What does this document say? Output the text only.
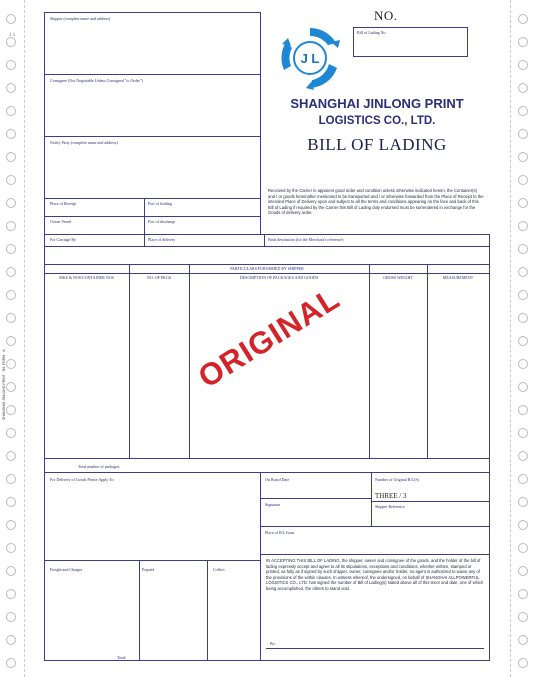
1 1
SHANGHAI JINLONG PRINT · B/L FORM · A
NO.
Shipper (complete name and address)
Consignee (Not Negotiable Unless Consigned "to Order")
Notify Party (complete name and address)
Place of Receipt	Port of loading
Ocean Vessel	Port of discharge
For Carriage By	Place of delivery	Final destination (for the Merchant's reference)
PARTICULARS FURNISHED BY SHIPPER
MKS & NOS/CONTAINER NOS	NO. OF PKGS	DESCRIPTION OF PACKAGES AND GOODS	GROSS WEIGHT	MEASUREMENT
Total number of packages
For Delivery of Goods Please Apply To:	On Board Date	Number of Original B/L(S)
Signature	Shipper Reference
Place of B/L Issue
Freight and Charges	Prepaid	Collect
Total:
By:
IN ACCEPTING THIS BILL OF LADING, the shipper, owner and consignee of the goods, and the holder of the bill of lading expressly accept and agree to all its stipulations, exceptions and conditions, whether written, stamped or printed, as fully as if signed by such shipper, owner, consignee and/or holder, no agent is authorized to waive any of the provisions of the within clauses. In witness whereof, the undersigned, on behalf of SHANGHAI ALLPOWERFUL LOGISTICS CO., LTD. has signed the number of Bill of Lading(s) stated above all of this tenor and date, one of which being accomplished, the others to stand void.
Received by the Carrier in apparent good order and condition unless otherwise indicated herein, the Container(s) and / or goods hereinafter mentioned to be transported and / or otherwise forwarded from the Place of Receipt to the intended Place of Delivery upon and subject to all the terms and conditions appearing on the face and back of this Bill of Lading if required by the Carrier this Bill of Lading duly endorsed must be surrendered in exchange for the Goods of delivery order.
Bill of Lading No.
J L
SHANGHAI JINLONG PRINT
LOGISTICS CO., LTD.
BILL OF LADING
ORIGINAL
THREE / 3
